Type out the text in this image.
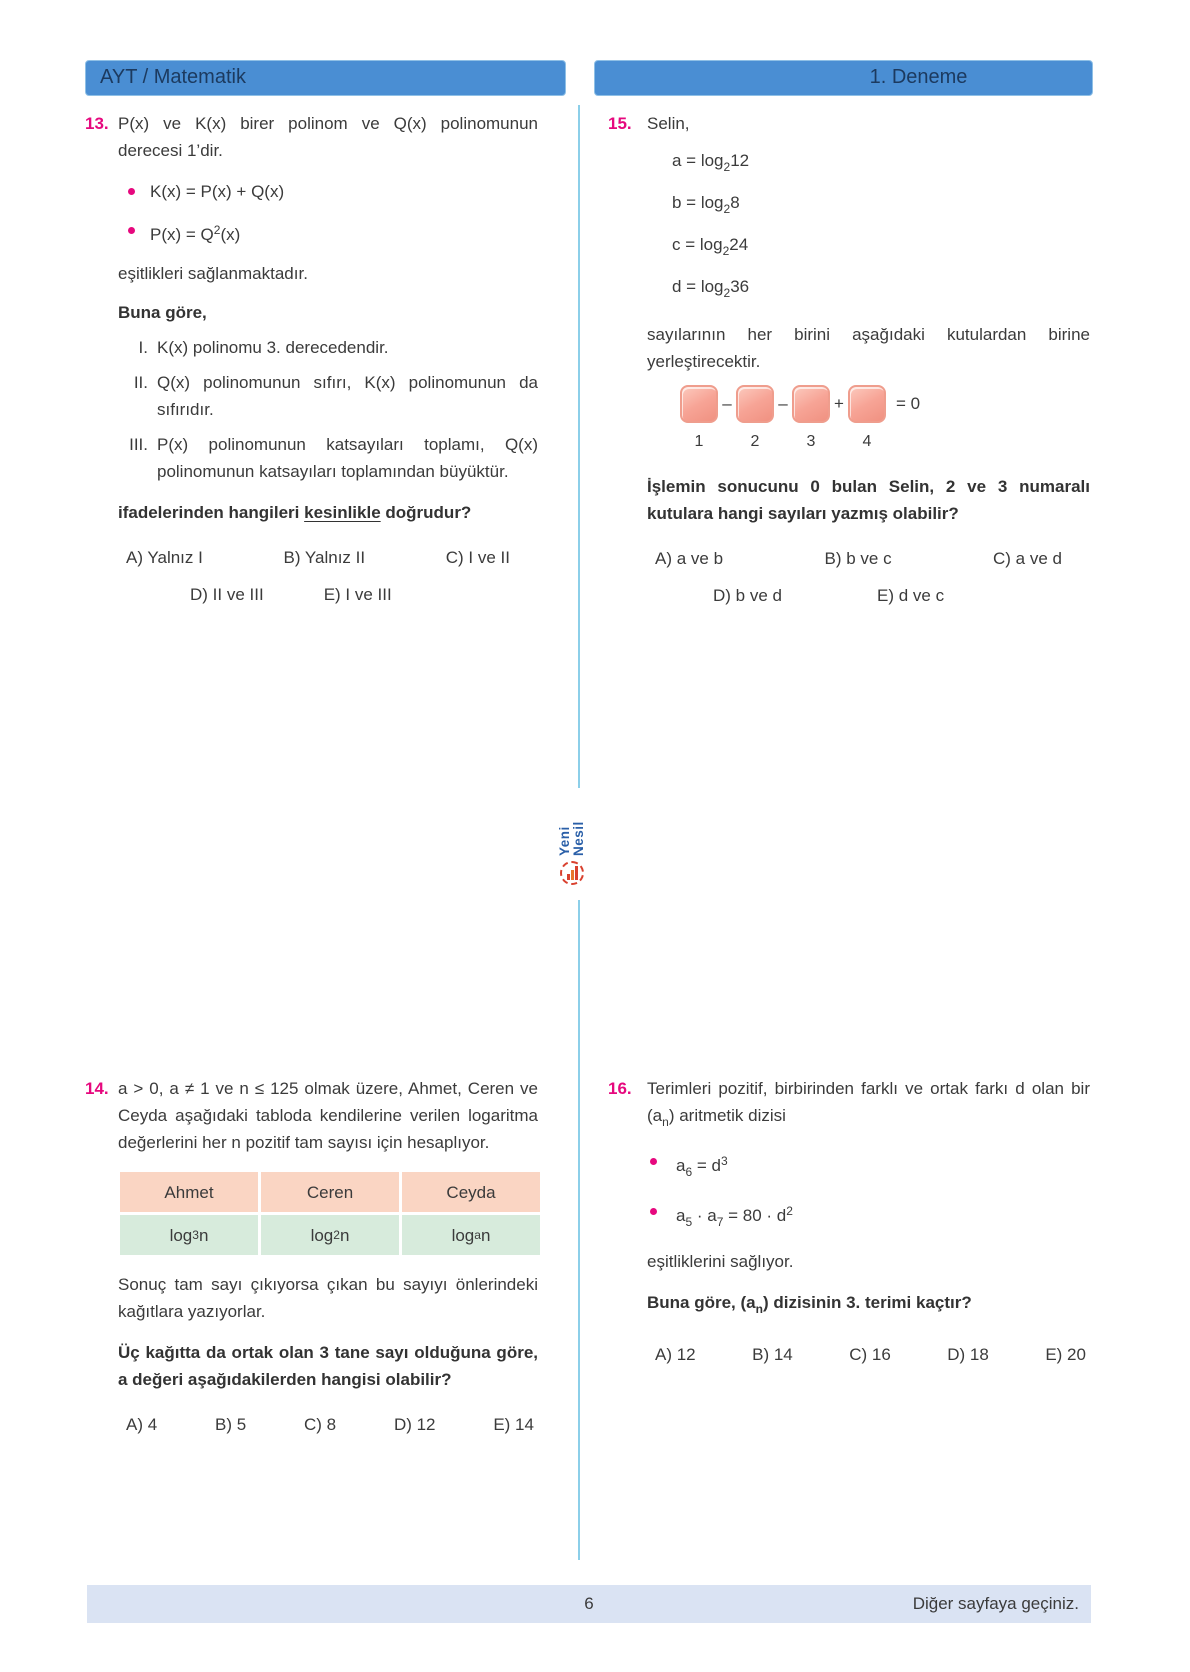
AYT / Matematik	1. Deneme
Yeni Nesil
13. P(x) ve K(x) birer polinom ve Q(x) polinomunun derecesi 1’dir.

K(x) = P(x) + Q(x)
$P(x) = Q^2(x)$

eşitlikleri sağlanmaktadır.

Buna göre,

I. K(x) polinomu 3. derecedendir.
II. Q(x) polinomunun sıfırı, K(x) polinomunun da sıfırıdır.
III. P(x) polinomunun katsayıları toplamı, Q(x) polinomunun katsayıları toplamından büyüktür.

ifadelerinden hangileri kesinlikle doğrudur?

A) Yalnız I	B) Yalnız II	C) I ve II
D) II ve III	E) I ve III
15. Selin,

$a = \log_212$
$b = \log_28$
$c = \log_224$
$d = \log_236$

sayılarının her birini aşağıdaki kutulardan birine yerleştirecektir.

1
–
2
–
3
+
4
= 0

İşlemin sonucunu 0 bulan Selin, 2 ve 3 numaralı kutulara hangi sayıları yazmış olabilir?

A) a ve b	B) b ve c	C) a ve d
D) b ve d	E) d ve c
14. a > 0, a ≠ 1 ve n ≤ 125 olmak üzere, Ahmet, Ceren ve Ceyda aşağıdaki tabloda kendilerine verilen logaritma değerlerini her n pozitif tam sayısı için hesaplıyor.

Ahmet	Ceren	Ceyda
log 3 n	log 2 n	log a n

Sonuç tam sayı çıkıyorsa çıkan bu sayıyı önlerindeki kağıtlara yazıyorlar.

Üç kağıtta da ortak olan 3 tane sayı olduğuna göre, a değeri aşağıdakilerden hangisi olabilir?

A) 4	B) 5	C) 8	D) 12	E) 14
16. Terimleri pozitif, birbirinden farklı ve ortak farkı d olan bir $(a_n)$ aritmetik dizisi

$a_6 = d^3$
$a_5 \cdot a_7 = 80 \cdot d^2$

eşitliklerini sağlıyor.

Buna göre, $(a_n)$ dizisinin 3. terimi kaçtır?

A) 12	B) 14	C) 16	D) 18	E) 20
6	Diğer sayfaya geçiniz.
